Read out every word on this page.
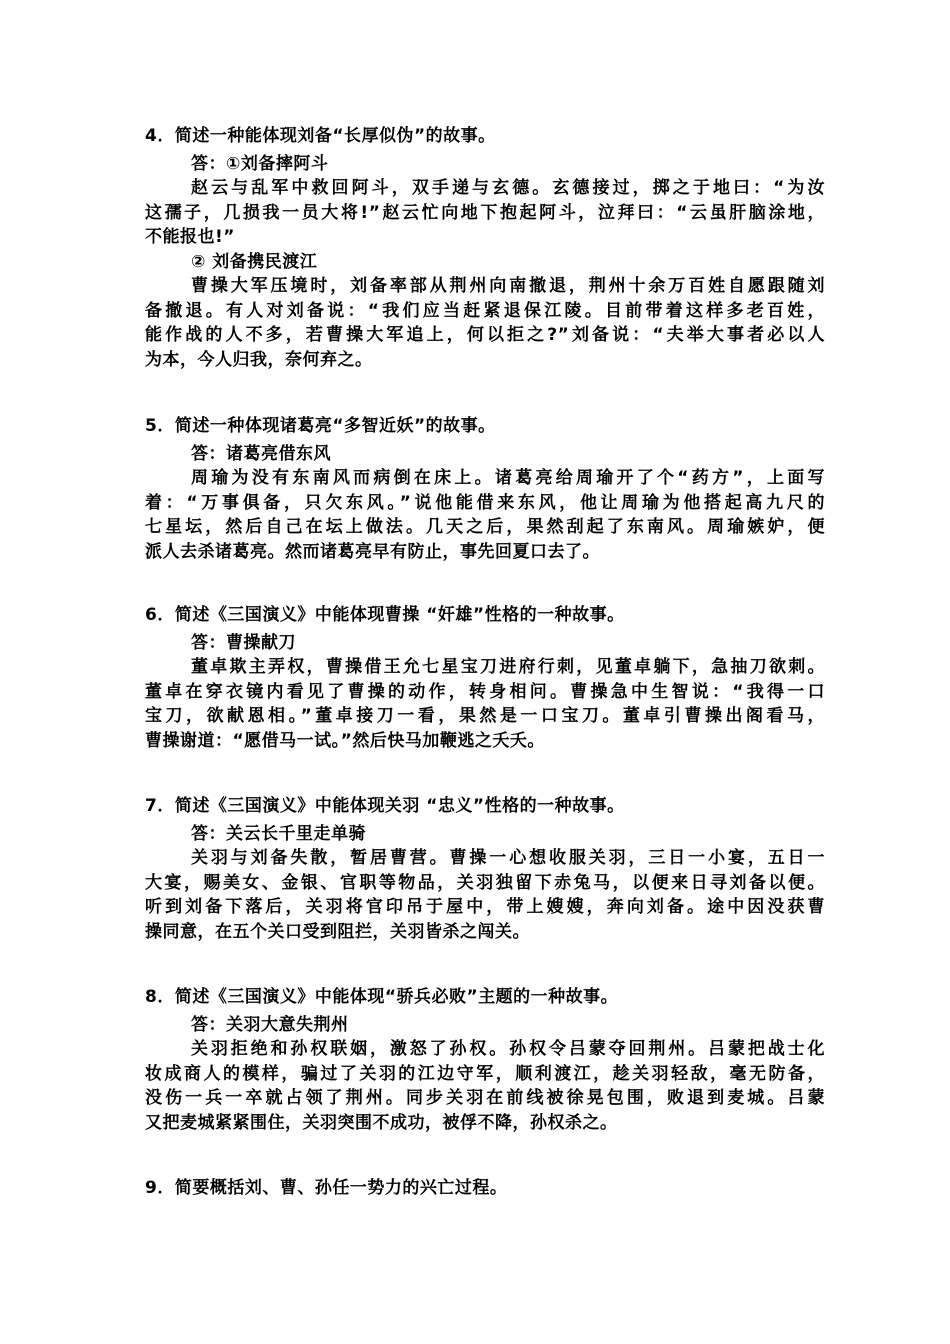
4．简述一种能体现刘备“长厚似伪”的故事。
答：①刘备摔阿斗
赵云与乱军中救回阿斗，双手递与玄德。玄德接过，掷之于地曰：“为汝
这孺子，几损我一员大将!”赵云忙向地下抱起阿斗，泣拜曰：“云虽肝脑涂地，
不能报也!”
② 刘备携民渡江
曹操大军压境时，刘备率部从荆州向南撤退，荆州十余万百姓自愿跟随刘
备撤退。有人对刘备说：“我们应当赶紧退保江陵。目前带着这样多老百姓，
能作战的人不多，若曹操大军追上，何以拒之?”刘备说：“夫举大事者必以人
为本，今人归我，奈何弃之。
5．简述一种体现诸葛亮“多智近妖”的故事。
答：诸葛亮借东风
周瑜为没有东南风而病倒在床上。诸葛亮给周瑜开了个“药方”，上面写
着：“万事俱备，只欠东风。”说他能借来东风，他让周瑜为他搭起高九尺的
七星坛，然后自己在坛上做法。几天之后，果然刮起了东南风。周瑜嫉妒，便
派人去杀诸葛亮。然而诸葛亮早有防止，事先回夏口去了。
6．简述《三国演义》中能体现曹操 “奸雄”性格的一种故事。
答：曹操献刀
董卓欺主弄权，曹操借王允七星宝刀进府行刺，见董卓躺下，急抽刀欲刺。
董卓在穿衣镜内看见了曹操的动作，转身相问。曹操急中生智说：“我得一口
宝刀，欲献恩相。”董卓接刀一看，果然是一口宝刀。董卓引曹操出阁看马，
曹操谢道：“愿借马一试。”然后快马加鞭逃之夭夭。
7．简述《三国演义》中能体现关羽 “忠义”性格的一种故事。
答：关云长千里走单骑
关羽与刘备失散，暂居曹营。曹操一心想收服关羽，三日一小宴，五日一
大宴，赐美女、金银、官职等物品，关羽独留下赤兔马，以便来日寻刘备以便。
听到刘备下落后，关羽将官印吊于屋中，带上嫂嫂，奔向刘备。途中因没获曹
操同意，在五个关口受到阻拦，关羽皆杀之闯关。
8．简述《三国演义》中能体现“骄兵必败”主题的一种故事。
答：关羽大意失荆州
关羽拒绝和孙权联姻，激怒了孙权。孙权令吕蒙夺回荆州。吕蒙把战士化
妆成商人的模样，骗过了关羽的江边守军，顺利渡江，趁关羽轻敌，毫无防备，
没伤一兵一卒就占领了荆州。同步关羽在前线被徐晃包围，败退到麦城。吕蒙
又把麦城紧紧围住，关羽突围不成功，被俘不降，孙权杀之。
9．简要概括刘、曹、孙任一势力的兴亡过程。
